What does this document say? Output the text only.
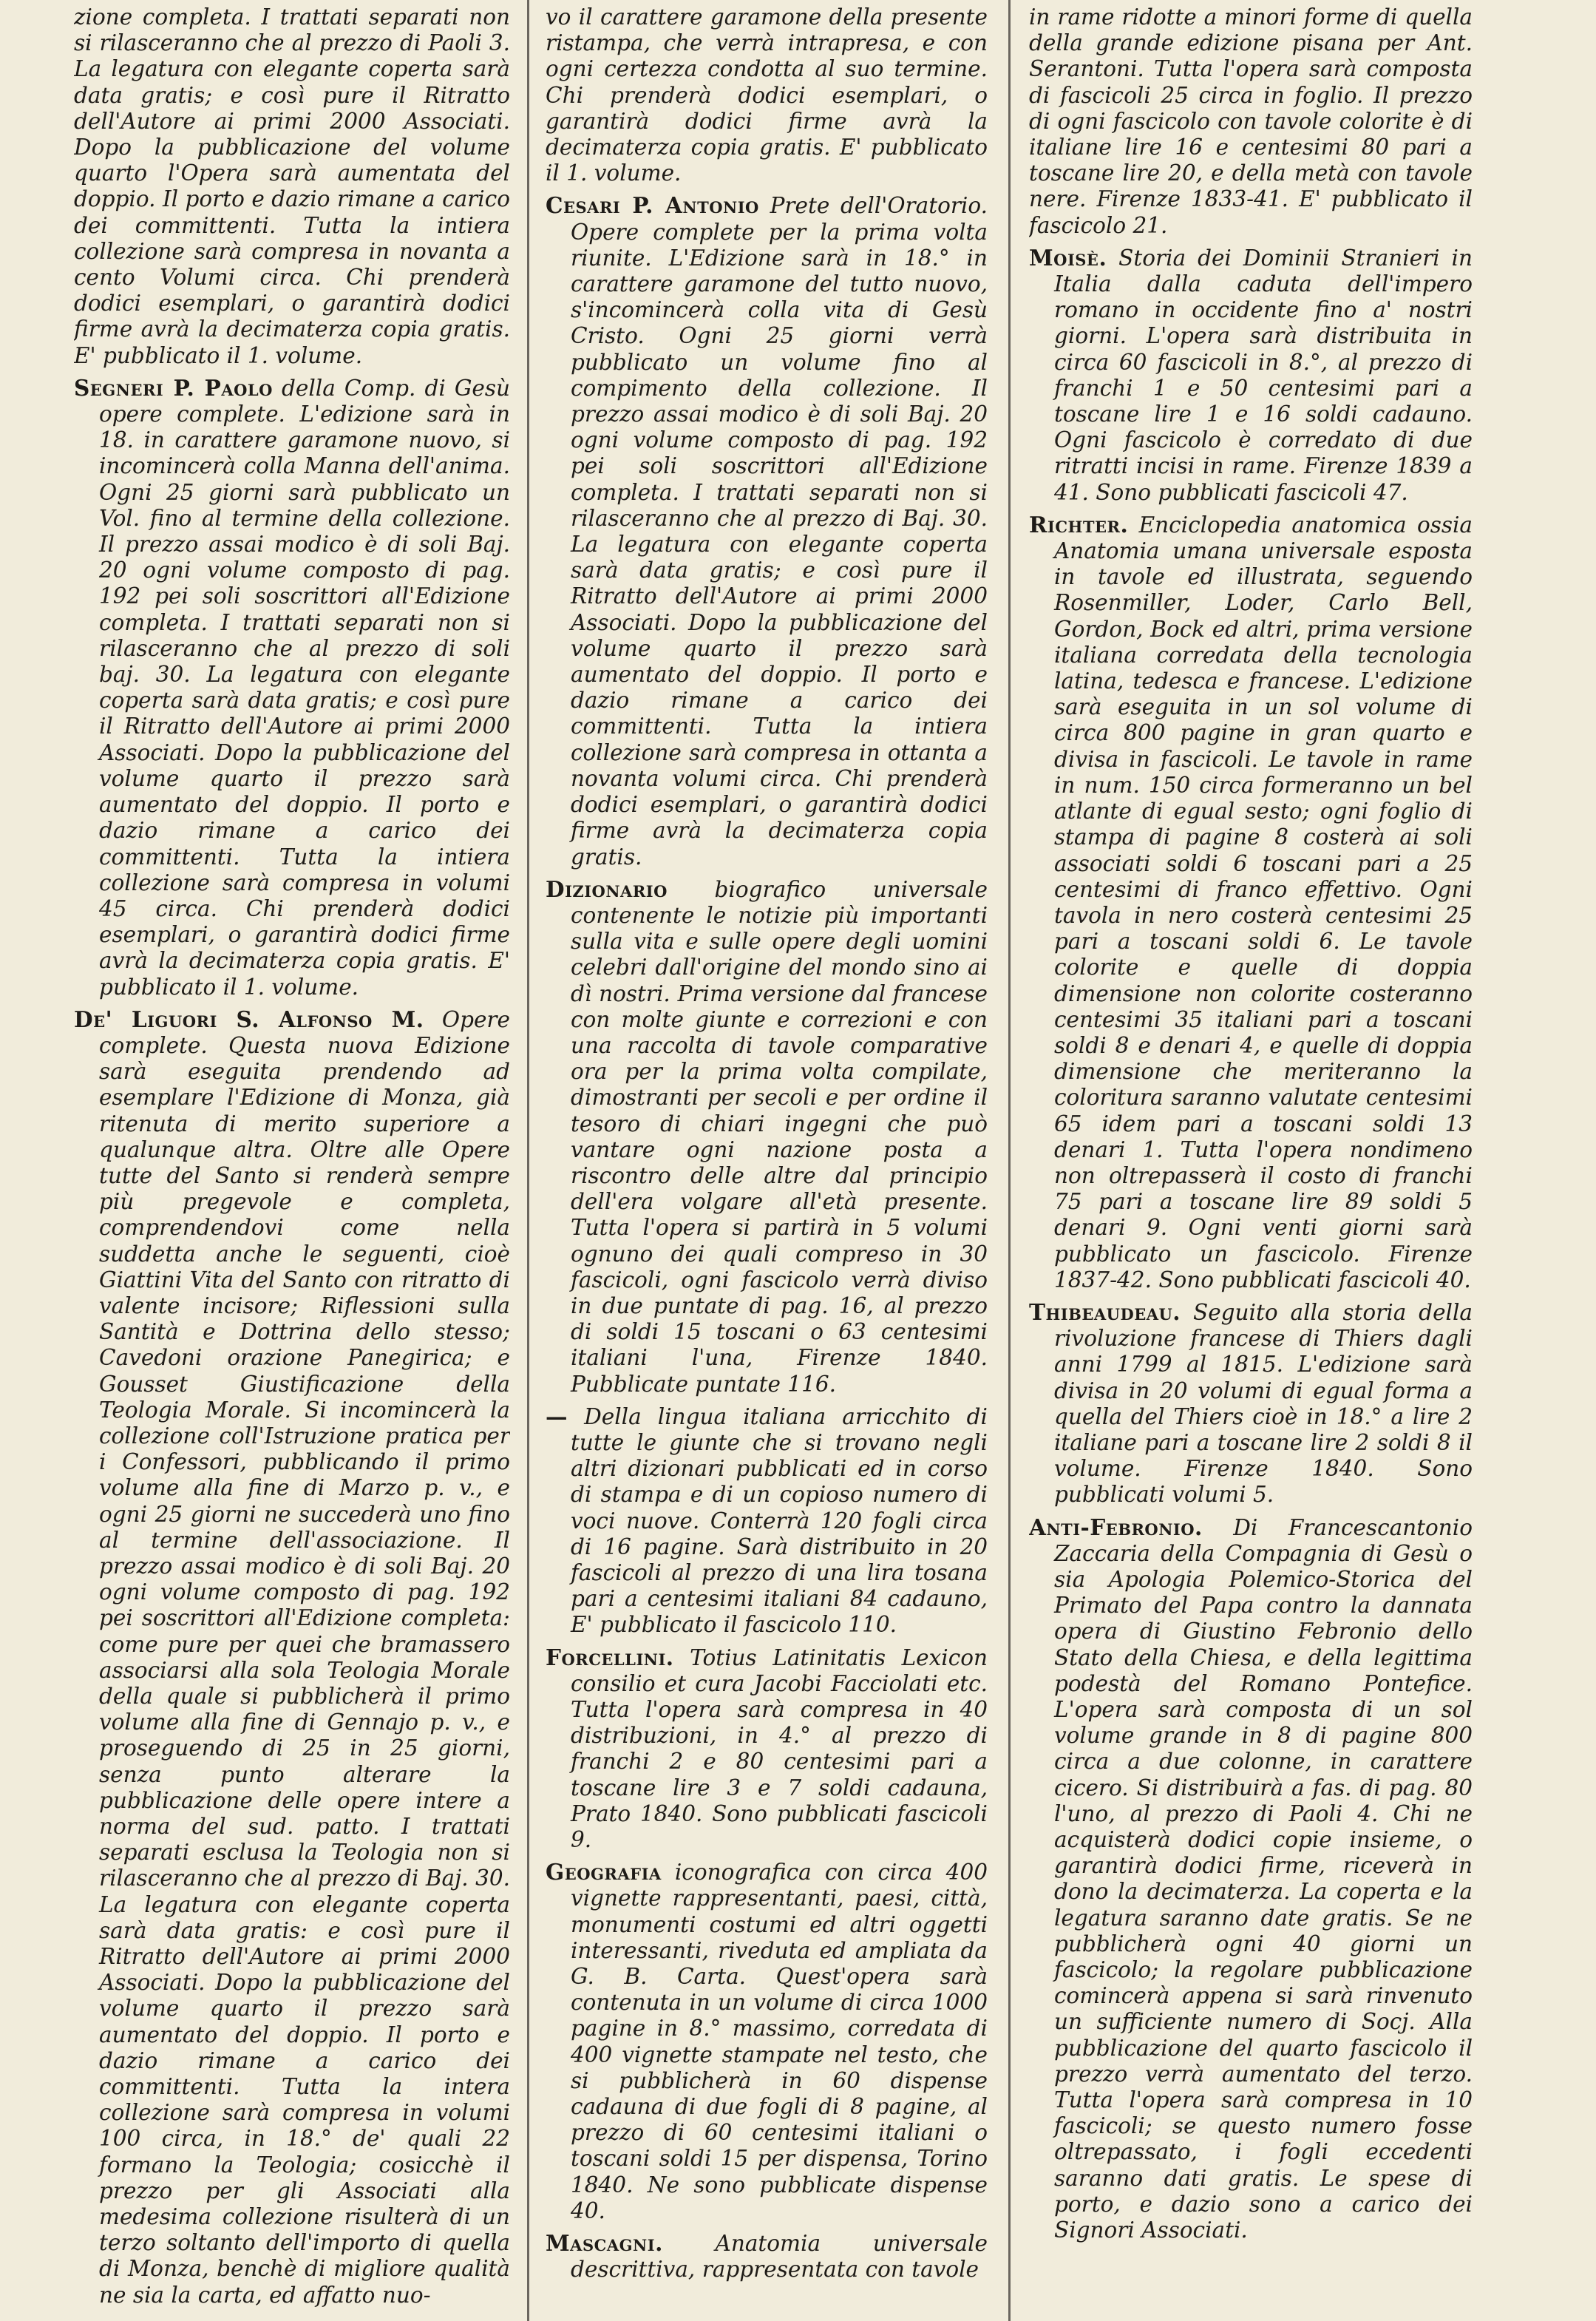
zione completa. I trattati separati non si rilasceranno che al prezzo di Paoli 3. La legatura con elegante coperta sarà data gratis; e così pure il Ritratto dell'Autore ai primi 2000 Associati. Dopo la pubblicazione del volume quarto l'Opera sarà aumentata del doppio. Il porto e dazio rimane a carico dei committenti. Tutta la intiera collezione sarà compresa in novanta a cento Volumi circa. Chi prenderà dodici esemplari, o garantirà dodici firme avrà la decimaterza copia gratis. E' pubblicato il 1. volume.

Segneri P. Paolo della Comp. di Gesù opere complete. L'edizione sarà in 18. in carattere garamone nuovo, si incomincerà colla Manna dell'anima. Ogni 25 giorni sarà pubblicato un Vol. fino al termine della collezione. Il prezzo assai modico è di soli Baj. 20 ogni volume composto di pag. 192 pei soli soscrittori all'Edizione completa. I trattati separati non si rilasceranno che al prezzo di soli baj. 30. La legatura con elegante coperta sarà data gratis; e così pure il Ritratto dell'Autore ai primi 2000 Associati. Dopo la pubblicazione del volume quarto il prezzo sarà aumentato del doppio. Il porto e dazio rimane a carico dei committenti. Tutta la intiera collezione sarà compresa in volumi 45 circa. Chi prenderà dodici esemplari, o garantirà dodici firme avrà la decimaterza copia gratis. E' pubblicato il 1. volume.

De' Liguori S. Alfonso M. Opere complete. Questa nuova Edizione sarà eseguita prendendo ad esemplare l'Edizione di Monza, già ritenuta di merito superiore a qualunque altra. Oltre alle Opere tutte del Santo si renderà sempre più pregevole e completa, comprendendovi come nella suddetta anche le seguenti, cioè Giattini Vita del Santo con ritratto di valente incisore; Riflessioni sulla Santità e Dottrina dello stesso; Cavedoni orazione Panegirica; e Gousset Giustificazione della Teologia Morale. Si incomincerà la collezione coll'Istruzione pratica per i Confessori, pubblicando il primo volume alla fine di Marzo p. v., e ogni 25 giorni ne succederà uno fino al termine dell'associazione. Il prezzo assai modico è di soli Baj. 20 ogni volume composto di pag. 192 pei soscrittori all'Edizione completa: come pure per quei che bramassero associarsi alla sola Teologia Morale della quale si pubblicherà il primo volume alla fine di Gennajo p. v., e proseguendo di 25 in 25 giorni, senza punto alterare la pubblicazione delle opere intere a norma del sud. patto. I trattati separati esclusa la Teologia non si rilasceranno che al prezzo di Baj. 30. La legatura con elegante coperta sarà data gratis: e così pure il Ritratto dell'Autore ai primi 2000 Associati. Dopo la pubblicazione del volume quarto il prezzo sarà aumentato del doppio. Il porto e dazio rimane a carico dei committenti. Tutta la intera collezione sarà compresa in volumi 100 circa, in 18.° de' quali 22 formano la Teologia; cosicchè il prezzo per gli Associati alla medesima collezione risulterà di un terzo soltanto dell'importo di quella di Monza, benchè di migliore qualità ne sia la carta, ed affatto nuo-

vo il carattere garamone della presente ristampa, che verrà intrapresa, e con ogni certezza condotta al suo termine. Chi prenderà dodici esemplari, o garantirà dodici firme avrà la decimaterza copia gratis. E' pubblicato il 1. volume.

Cesari P. Antonio Prete dell'Oratorio. Opere complete per la prima volta riunite. L'Edizione sarà in 18.° in carattere garamone del tutto nuovo, s'incomincerà colla vita di Gesù Cristo. Ogni 25 giorni verrà pubblicato un volume fino al compimento della collezione. Il prezzo assai modico è di soli Baj. 20 ogni volume composto di pag. 192 pei soli soscrittori all'Edizione completa. I trattati separati non si rilasceranno che al prezzo di Baj. 30. La legatura con elegante coperta sarà data gratis; e così pure il Ritratto dell'Autore ai primi 2000 Associati. Dopo la pubblicazione del volume quarto il prezzo sarà aumentato del doppio. Il porto e dazio rimane a carico dei committenti. Tutta la intiera collezione sarà compresa in ottanta a novanta volumi circa. Chi prenderà dodici esemplari, o garantirà dodici firme avrà la decimaterza copia gratis.

Dizionario biografico universale contenente le notizie più importanti sulla vita e sulle opere degli uomini celebri dall'origine del mondo sino ai dì nostri. Prima versione dal francese con molte giunte e correzioni e con una raccolta di tavole comparative ora per la prima volta compilate, dimostranti per secoli e per ordine il tesoro di chiari ingegni che può vantare ogni nazione posta a riscontro delle altre dal principio dell'era volgare all'età presente. Tutta l'opera si partirà in 5 volumi ognuno dei quali compreso in 30 fascicoli, ogni fascicolo verrà diviso in due puntate di pag. 16, al prezzo di soldi 15 toscani o 63 centesimi italiani l'una, Firenze 1840. Pubblicate puntate 116.

— Della lingua italiana arricchito di tutte le giunte che si trovano negli altri dizionari pubblicati ed in corso di stampa e di un copioso numero di voci nuove. Conterrà 120 fogli circa di 16 pagine. Sarà distribuito in 20 fascicoli al prezzo di una lira tosana pari a centesimi italiani 84 cadauno, E' pubblicato il fascicolo 110.

Forcellini. Totius Latinitatis Lexicon consilio et cura Jacobi Facciolati etc. Tutta l'opera sarà compresa in 40 distribuzioni, in 4.° al prezzo di franchi 2 e 80 centesimi pari a toscane lire 3 e 7 soldi cadauna, Prato 1840. Sono pubblicati fascicoli 9.

Geografia iconografica con circa 400 vignette rappresentanti, paesi, città, monumenti costumi ed altri oggetti interessanti, riveduta ed ampliata da G. B. Carta. Quest'opera sarà contenuta in un volume di circa 1000 pagine in 8.° massimo, corredata di 400 vignette stampate nel testo, che si pubblicherà in 60 dispense cadauna di due fogli di 8 pagine, al prezzo di 60 centesimi italiani o toscani soldi 15 per dispensa, Torino 1840. Ne sono pubblicate dispense 40.

Mascagni. Anatomia universale descrittiva, rappresentata con tavole

in rame ridotte a minori forme di quella della grande edizione pisana per Ant. Serantoni. Tutta l'opera sarà composta di fascicoli 25 circa in foglio. Il prezzo di ogni fascicolo con tavole colorite è di italiane lire 16 e centesimi 80 pari a toscane lire 20, e della metà con tavole nere. Firenze 1833-41. E' pubblicato il fascicolo 21.

Moisè. Storia dei Dominii Stranieri in Italia dalla caduta dell'impero romano in occidente fino a' nostri giorni. L'opera sarà distribuita in circa 60 fascicoli in 8.°, al prezzo di franchi 1 e 50 centesimi pari a toscane lire 1 e 16 soldi cadauno. Ogni fascicolo è corredato di due ritratti incisi in rame. Firenze 1839 a 41. Sono pubblicati fascicoli 47.

Richter. Enciclopedia anatomica ossia Anatomia umana universale esposta in tavole ed illustrata, seguendo Rosenmiller, Loder, Carlo Bell, Gordon, Bock ed altri, prima versione italiana corredata della tecnologia latina, tedesca e francese. L'edizione sarà eseguita in un sol volume di circa 800 pagine in gran quarto e divisa in fascicoli. Le tavole in rame in num. 150 circa formeranno un bel atlante di egual sesto; ogni foglio di stampa di pagine 8 costerà ai soli associati soldi 6 toscani pari a 25 centesimi di franco effettivo. Ogni tavola in nero costerà centesimi 25 pari a toscani soldi 6. Le tavole colorite e quelle di doppia dimensione non colorite costeranno centesimi 35 italiani pari a toscani soldi 8 e denari 4, e quelle di doppia dimensione che meriteranno la coloritura saranno valutate centesimi 65 idem pari a toscani soldi 13 denari 1. Tutta l'opera nondimeno non oltrepasserà il costo di franchi 75 pari a toscane lire 89 soldi 5 denari 9. Ogni venti giorni sarà pubblicato un fascicolo. Firenze 1837-42. Sono pubblicati fascicoli 40.

Thibeaudeau. Seguito alla storia della rivoluzione francese di Thiers dagli anni 1799 al 1815. L'edizione sarà divisa in 20 volumi di egual forma a quella del Thiers cioè in 18.° a lire 2 italiane pari a toscane lire 2 soldi 8 il volume. Firenze 1840. Sono pubblicati volumi 5.

Anti-Febronio. Di Francescantonio Zaccaria della Compagnia di Gesù o sia Apologia Polemico-Storica del Primato del Papa contro la dannata opera di Giustino Febronio dello Stato della Chiesa, e della legittima podestà del Romano Pontefice. L'opera sarà composta di un sol volume grande in 8 di pagine 800 circa a due colonne, in carattere cicero. Si distribuirà a fas. di pag. 80 l'uno, al prezzo di Paoli 4. Chi ne acquisterà dodici copie insieme, o garantirà dodici firme, riceverà in dono la decimaterza. La coperta e la legatura saranno date gratis. Se ne pubblicherà ogni 40 giorni un fascicolo; la regolare pubblicazione comincerà appena si sarà rinvenuto un sufficiente numero di Socj. Alla pubblicazione del quarto fascicolo il prezzo verrà aumentato del terzo. Tutta l'opera sarà compresa in 10 fascicoli; se questo numero fosse oltrepassato, i fogli eccedenti saranno dati gratis. Le spese di porto, e dazio sono a carico dei Signori Associati.
